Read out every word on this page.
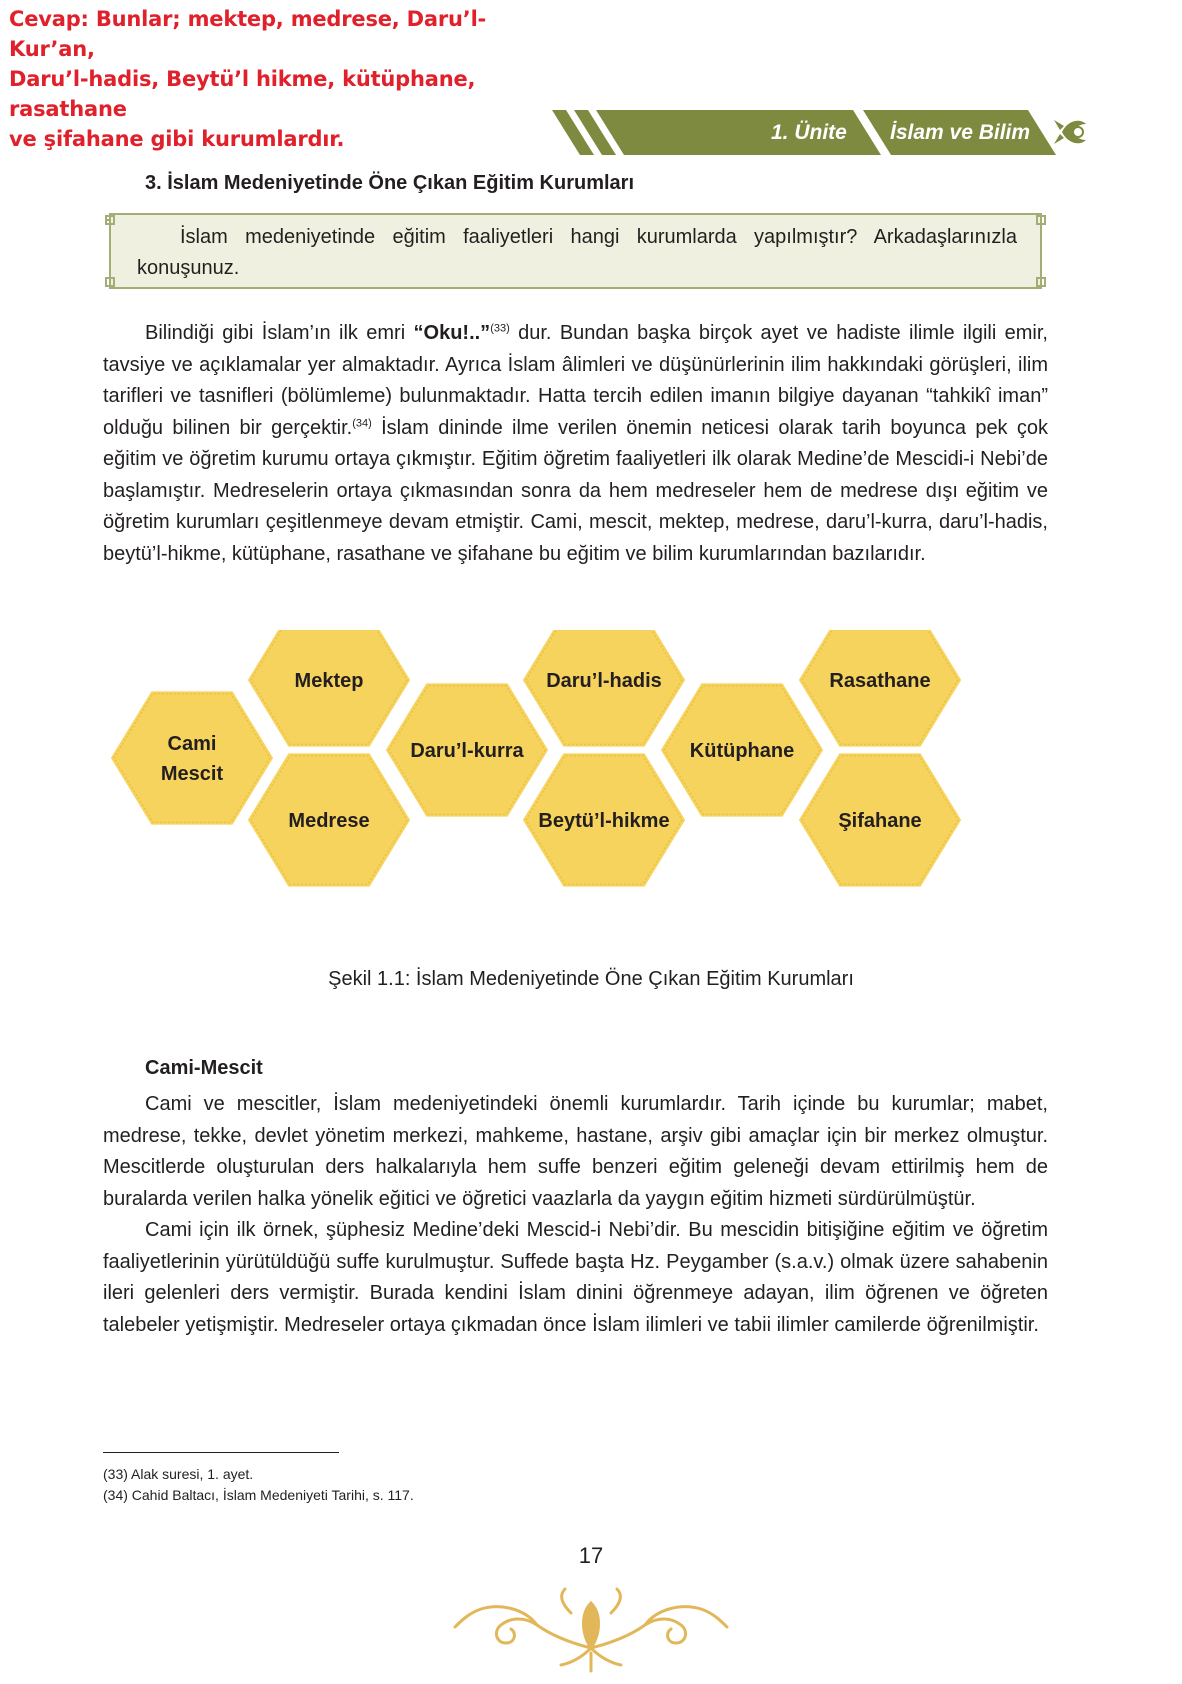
Cevap: Bunlar; mektep, medrese, Daru’l-Kur’an,
Daru’l-hadis, Beytü’l hikme, kütüphane, rasathane
ve şifahane gibi kurumlardır.	1. Ünite İslam ve Bilim
3. İslam Medeniyetinde Öne Çıkan Eğitim Kurumları
İslam medeniyetinde eğitim faaliyetleri hangi kurumlarda yapılmıştır? Arkadaşlarınızla konuşunuz.

Bilindiği gibi İslam’ın ilk emri “Oku!..”$^{(33)}$ dur. Bundan başka birçok ayet ve hadiste ilimle ilgili emir, tavsiye ve açıklamalar yer almaktadır. Ayrıca İslam âlimleri ve düşünürlerinin ilim hakkındaki görüşleri, ilim tarifleri ve tasnifleri (bölümleme) bulunmaktadır. Hatta tercih edilen imanın bilgiye dayanan “tahkikî iman” olduğu bilinen bir gerçektir.$^{(34)}$ İslam dininde ilme verilen önemin neticesi olarak tarih boyunca pek çok eğitim ve öğretim kurumu ortaya çıkmıştır. Eğitim öğretim faaliyetleri ilk olarak Medine’de Mescidi-i Nebi’de başlamıştır. Medreselerin ortaya çıkmasından sonra da hem medreseler hem de medrese dışı eğitim ve öğretim kurumları çeşitlenmeye devam etmiştir. Cami, mescit, mektep, medrese, daru’l-kurra, daru’l-hadis, beytü’l-hikme, kütüphane, rasathane ve şifahane bu eğitim ve bilim kurumlarından bazılarıdır.

Cami
Mescit
Mektep
Medrese
Daru’l-kurra
Daru’l-hadis
Beytü’l-hikme
Kütüphane
Rasathane
Şifahane
Şekil 1.1: İslam Medeniyetinde Öne Çıkan Eğitim Kurumları
Cami-Mescit

Cami ve mescitler, İslam medeniyetindeki önemli kurumlardır. Tarih içinde bu kurumlar; mabet, medrese, tekke, devlet yönetim merkezi, mahkeme, hastane, arşiv gibi amaçlar için bir merkez olmuştur. Mescitlerde oluşturulan ders halkalarıyla hem suffe benzeri eğitim geleneği devam ettirilmiş hem de buralarda verilen halka yönelik eğitici ve öğretici vaazlarla da yaygın eğitim hizmeti sürdürülmüştür.

Cami için ilk örnek, şüphesiz Medine’deki Mescid-i Nebi’dir. Bu mescidin bitişiğine eğitim ve öğretim faaliyetlerinin yürütüldüğü suffe kurulmuştur. Suffede başta Hz. Peygamber (s.a.v.) olmak üzere sahabenin ileri gelenleri ders vermiştir. Burada kendini İslam dinini öğrenmeye adayan, ilim öğrenen ve öğreten talebeler yetişmiştir. Medreseler ortaya çıkmadan önce İslam ilimleri ve tabii ilimler camilerde öğrenilmiştir.

(33) Alak suresi, 1. ayet.
(34) Cahid Baltacı, İslam Medeniyeti Tarihi, s. 117.
17
